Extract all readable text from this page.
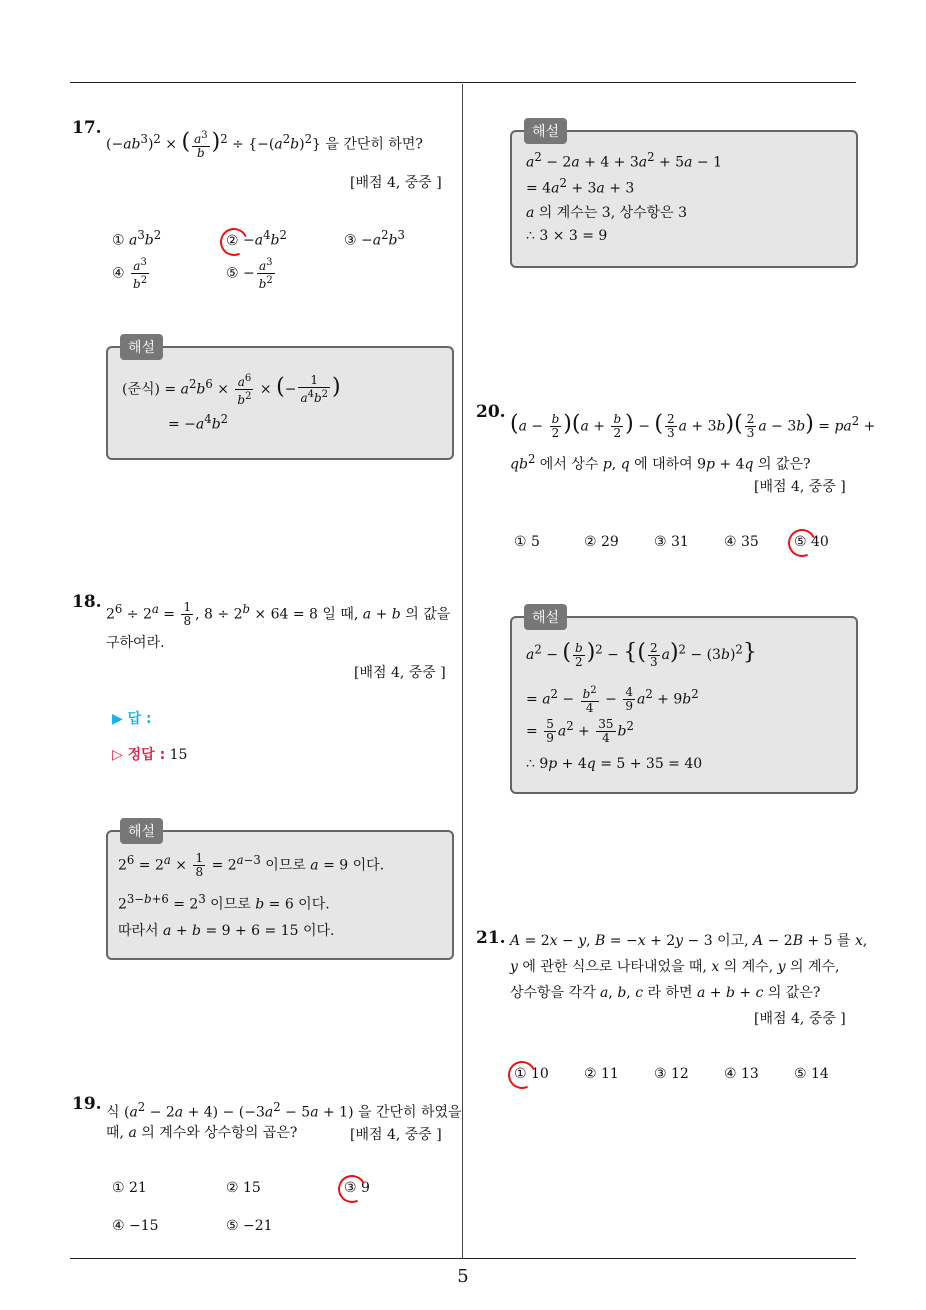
17.
$(-ab^3)^2$ × ( $\frac{a^3}{b} )^2 \div \{-(a^2b)^2\}$ 을 간단히 하면?
[배점 4, 중중 ]
① $a^3b^2$	②
$-a^4b^2$	③ $-a^2b^3$
④ $\frac{a^3}{b^2}$	⑤ − $\frac{a^3}{b^2}$
해설
(준식) = $a^2b^6 \times \frac{a^6}{b^2}$ × (− $\frac{1}{a^4b^2}$ )
= $-a^4b^2$
18.
$2^6 \div 2^a = \frac{1}{8}$ , $8 \div 2^b \times 64 = 8$ 일 때, a + b 의 값을
구하여라.
[배점 4, 중중 ]
▶ 답 :
▷ 정답 : 15
해설
$2^6 = 2^a \times \frac{1}{8} = 2^{a-3}$ 이므로 a = 9 이다.
$2^{3-b+6} = 2^3$ 이므로 b = 6 이다.
따라서 a + b = 9 + 6 = 15 이다.
19. 식 $(a^2 - 2a + 4) - (-3a^2 - 5a + 1)$ 을 간단히 하였을
때, a 의 계수와 상수항의 곱은?	[배점 4, 중중 ]
① 21	② 15	③
9
④ −15	⑤ −21
해설
$a^2 - 2a + 4 + 3a^2 + 5a - 1$
= $4a^2 + 3a + 3$
a 의 계수는 3, 상수항은 3
∴ 3 × 3 = 9
20. $(a - \frac{b}{2} )(a + \frac{b}{2}$ ) − ( $\frac{2}{3}$ $a + 3b)( \frac{2}{3}$ $a - 3b) = pa^2$ +
$qb^2$ 에서 상수 p, q 에 대하여 9p + 4q 의 값은?
[배점 4, 중중 ]
① 5	② 29	③ 31	④ 35	⑤
40
해설
$a^2$ − ( $\frac{b}{2} )^2$ − {( $\frac{2}{3} a)^2 - (3b)^2$}
= $a^2 - \frac{b^2}{4} - \frac{4}{9} a^2 + 9b^2$
= $\frac{5}{9} a^2 + \frac{35}{4} b^2$
∴ 9p + 4q = 5 + 35 = 40
21. A = 2x − y, B = −x + 2y − 3 이고, A − 2B + 5 를 x,
y 에 관한 식으로 나타내었을 때, x 의 계수, y 의 계수,
상수항을 각각 a, b, c 라 하면 a + b + c 의 값은?
[배점 4, 중중 ]
①
10	② 11	③ 12	④ 13	⑤ 14
5
